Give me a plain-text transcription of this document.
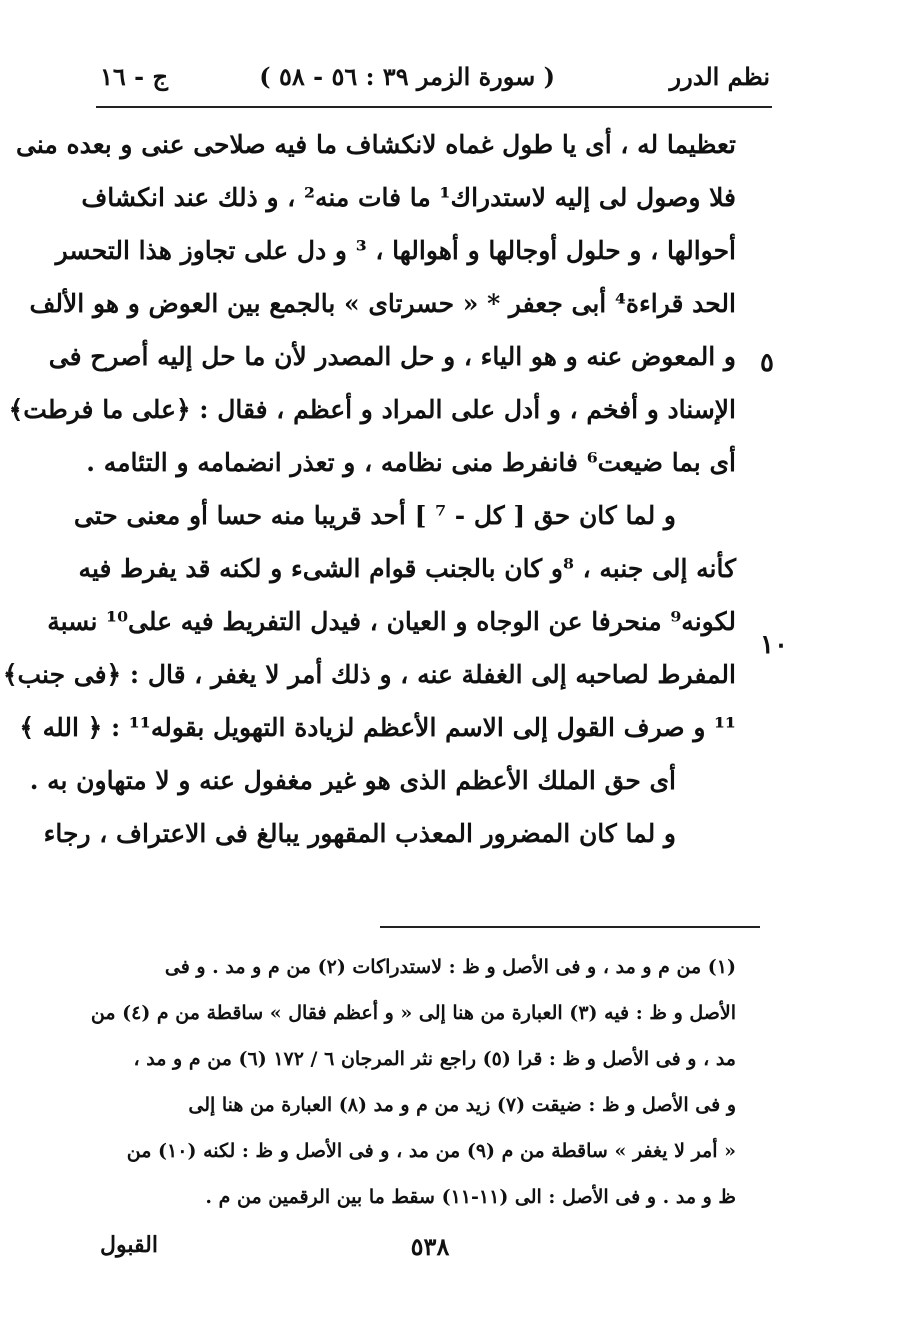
نظم الدرر
( سورة الزمر ٣٩ : ٥٦ - ٥٨ )
ج - ١٦
تعظيما له ، أى يا طول غماه لانكشاف ما فيه صلاحى عنى و بعده منى
فلا وصول لى إليه لاستدراك¹ ما فات منه² ، و ذلك عند انكشاف
أحوالها ، و حلول أوجالها و أهوالها ، ³ و دل على تجاوز هذا التحسر
الحد قراءة⁴ أبى جعفر * « حسرتاى » بالجمع بين العوض و هو الألف
و المعوض عنه و هو الياء ، و حل المصدر لأن ما حل إليه أصرح فى
الإسناد و أفخم ، و أدل على المراد و أعظم ، فقال : ﴿على ما فرطت﴾
أى بما ضيعت⁶ فانفرط منى نظامه ، و تعذر انضمامه و التئامه .
و لما كان حق [ كل - ⁷ ] أحد قريبا منه حسا أو معنى حتى
كأنه إلى جنبه ، ⁸و كان بالجنب قوام الشىء و لكنه قد يفرط فيه
لكونه⁹ منحرفا عن الوجاه و العيان ، فيدل التفريط فيه على¹⁰ نسبة
المفرط لصاحبه إلى الغفلة عنه ، و ذلك أمر لا يغفر ، قال : ﴿فى جنب﴾
¹¹ و صرف القول إلى الاسم الأعظم لزيادة التهويل بقوله¹¹ : ﴿ الله ﴾
أى حق الملك الأعظم الذى هو غير مغفول عنه و لا متهاون به .
و لما كان المضرور المعذب المقهور يبالغ فى الاعتراف ، رجاء
٥
١٠
(١) من م و مد ، و فى الأصل و ظ : لاستدراكات (٢) من م و مد . و فى
الأصل و ظ : فيه (٣) العبارة من هنا إلى « و أعظم فقال » ساقطة من م (٤) من
مد ، و فى الأصل و ظ : قرا (٥) راجع نثر المرجان ٦ / ١٧٢ (٦) من م و مد ،
و فى الأصل و ظ : ضيقت (٧) زيد من م و مد (٨) العبارة من هنا إلى
« أمر لا يغفر » ساقطة من م (٩) من مد ، و فى الأصل و ظ : لكنه (١٠) من
ظ و مد . و فى الأصل : الى (١١-١١) سقط ما بين الرقمين من م .
٥٣٨
القبول
